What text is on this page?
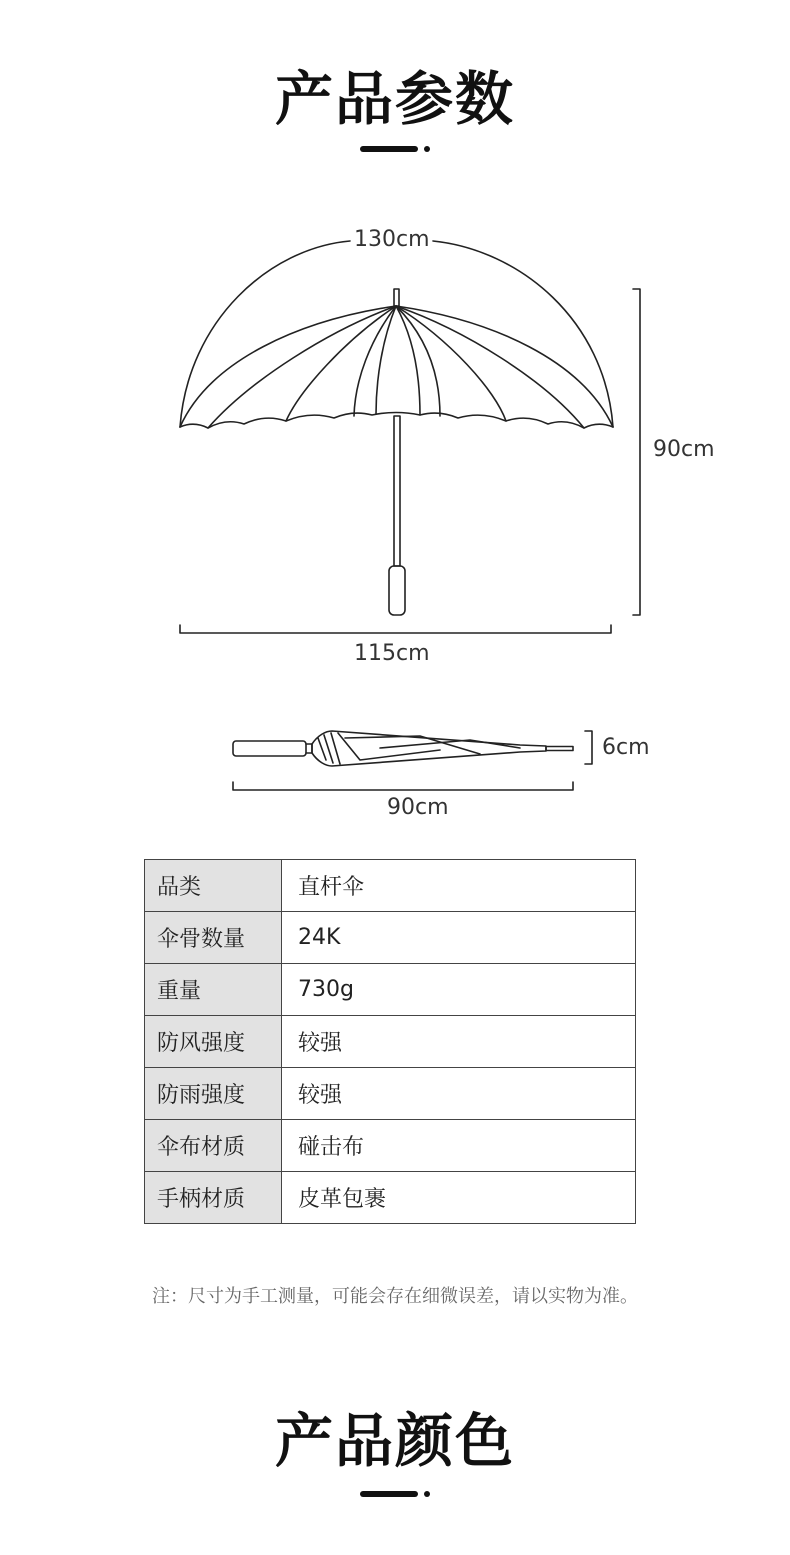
产品参数
130cm
90cm
115cm
6cm
90cm
品类	直杆伞
伞骨数量	24K
重量	730g
防风强度	较强
防雨强度	较强
伞布材质	碰击布
手柄材质	皮革包裹
注：尺寸为手工测量，可能会存在细微误差，请以实物为准。
产品颜色
